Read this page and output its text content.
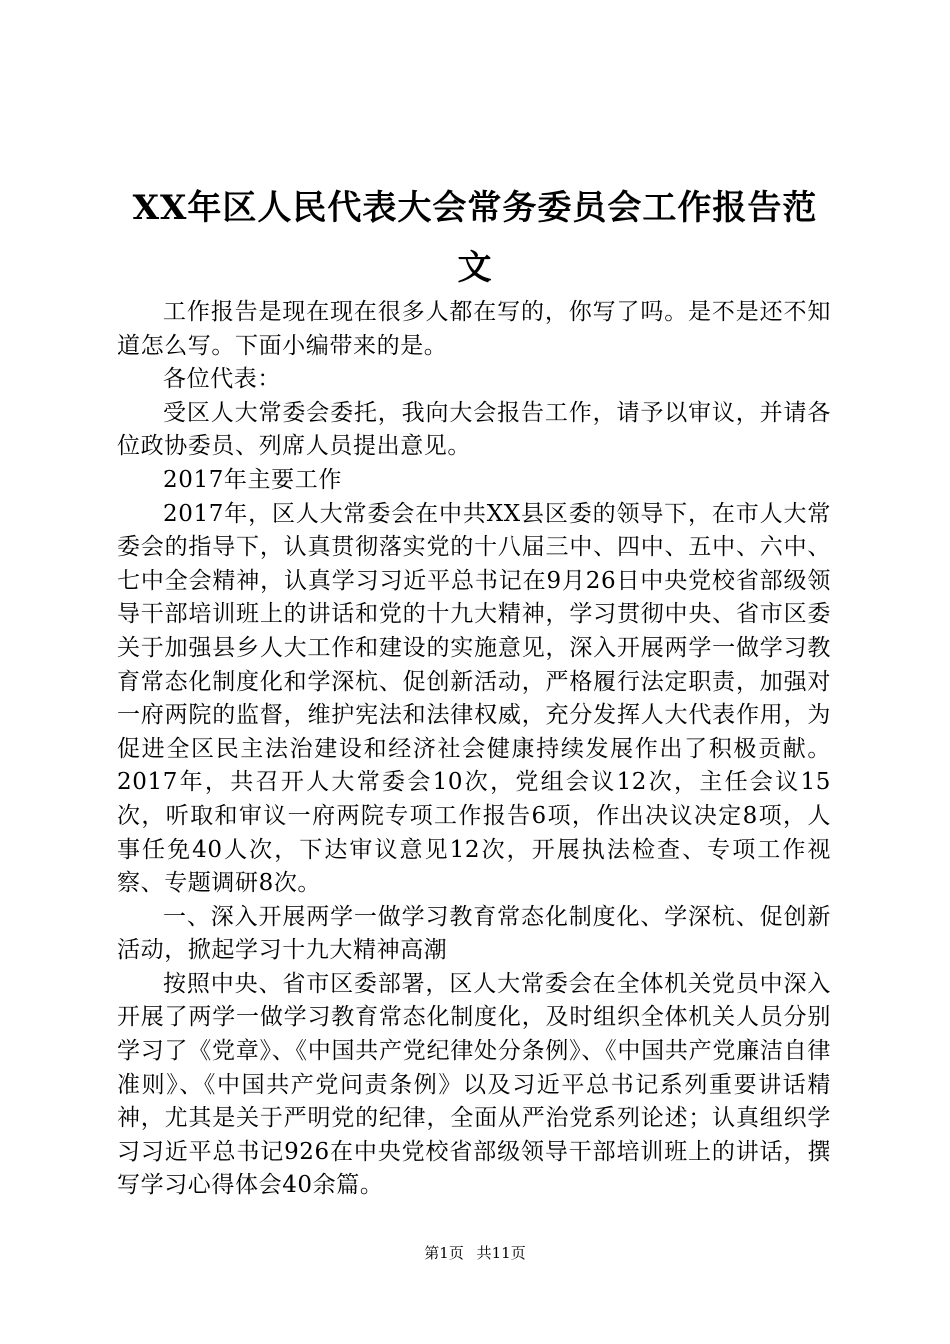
XX年区人民代表大会常务委员会工作报告范文

工作报告是现在现在很多人都在写的，你写了吗。是不是还不知道怎么写。下面小编带来的是。

各位代表：

受区人大常委会委托，我向大会报告工作，请予以审议，并请各位政协委员、列席人员提出意见。

2017年主要工作

2017年，区人大常委会在中共XX县区委的领导下，在市人大常委会的指导下，认真贯彻落实党的十八届三中、四中、五中、六中、七中全会精神，认真学习习近平总书记在9月26日中央党校省部级领导干部培训班上的讲话和党的十九大精神，学习贯彻中央、省市区委关于加强县乡人大工作和建设的实施意见，深入开展两学一做学习教育常态化制度化和学深杭、促创新活动，严格履行法定职责，加强对一府两院的监督，维护宪法和法律权威，充分发挥人大代表作用，为促进全区民主法治建设和经济社会健康持续发展作出了积极贡献。2017年，共召开人大常委会10次，党组会议12次，主任会议15次，听取和审议一府两院专项工作报告6项，作出决议决定8项，人事任免40人次，下达审议意见12次，开展执法检查、专项工作视察、专题调研8次。

一、深入开展两学一做学习教育常态化制度化、学深杭、促创新活动，掀起学习十九大精神高潮

按照中央、省市区委部署，区人大常委会在全体机关党员中深入开展了两学一做学习教育常态化制度化，及时组织全体机关人员分别学习了《党章》、《中国共产党纪律处分条例》、《中国共产党廉洁自律准则》、《中国共产党问责条例》以及习近平总书记系列重要讲话精神，尤其是关于严明党的纪律，全面从严治党系列论述；认真组织学习习近平总书记926在中央党校省部级领导干部培训班上的讲话，撰写学习心得体会40余篇。

第1页 共11页
